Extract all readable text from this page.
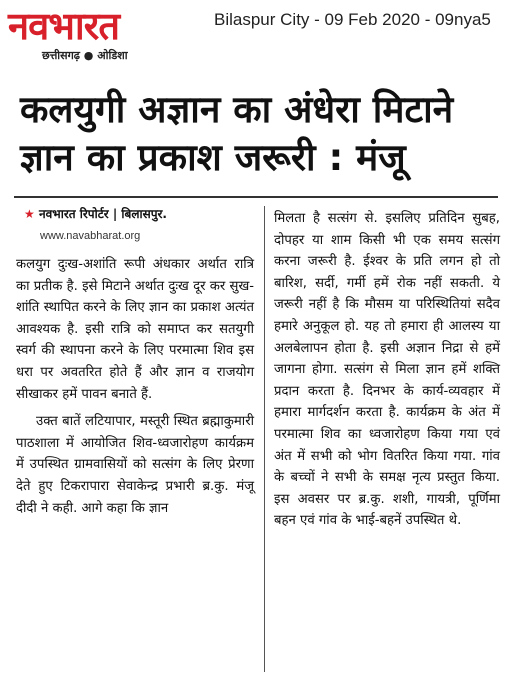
नवभारत
छत्तीसगढ़ ● ओडिशा
Bilaspur City - 09 Feb 2020 - 09nya5
कलयुगी अज्ञान का अंधेरा मिटाने
ज्ञान का प्रकाश जरूरी : मंजू
★ नवभारत रिपोर्टर | बिलासपुर.
www.navabharat.org

कलयुग दुःख-अशांति रूपी अंधकार अर्थात रात्रि का प्रतीक है. इसे मिटाने अर्थात दुःख दूर कर सुख-शांति स्थापित करने के लिए ज्ञान का प्रकाश अत्यंत आवश्यक है. इसी रात्रि को समाप्त कर सतयुगी स्वर्ग की स्थापना करने के लिए परमात्मा शिव इस धरा पर अवतरित होते हैं और ज्ञान व राजयोग सीखाकर हमें पावन बनाते हैं.

उक्त बातें लटियापार, मस्तूरी स्थित ब्रह्माकुमारी पाठशाला में आयोजित शिव-ध्वजारोहण कार्यक्रम में उपस्थित ग्रामवासियों को सत्संग के लिए प्रेरणा देते हुए टिकरापारा सेवाकेन्द्र प्रभारी ब्र.कु. मंजू दीदी ने कही. आगे कहा कि ज्ञान

मिलता है सत्संग से. इसलिए प्रतिदिन सुबह, दोपहर या शाम किसी भी एक समय सत्संग करना जरूरी है. ईश्वर के प्रति लगन हो तो बारिश, सर्दी, गर्मी हमें रोक नहीं सकती. ये जरूरी नहीं है कि मौसम या परिस्थितियां सदैव हमारे अनुकूल हो. यह तो हमारा ही आलस्य या अलबेलापन होता है. इसी अज्ञान निद्रा से हमें जागना होगा. सत्संग से मिला ज्ञान हमें शक्ति प्रदान करता है. दिनभर के कार्य-व्यवहार में हमारा मार्गदर्शन करता है. कार्यक्रम के अंत में परमात्मा शिव का ध्वजारोहण किया गया एवं अंत में सभी को भोग वितरित किया गया. गांव के बच्चों ने सभी के समक्ष नृत्य प्रस्तुत किया. इस अवसर पर ब्र.कु. शशी, गायत्री, पूर्णिमा बहन एवं गांव के भाई-बहनें उपस्थित थे.
